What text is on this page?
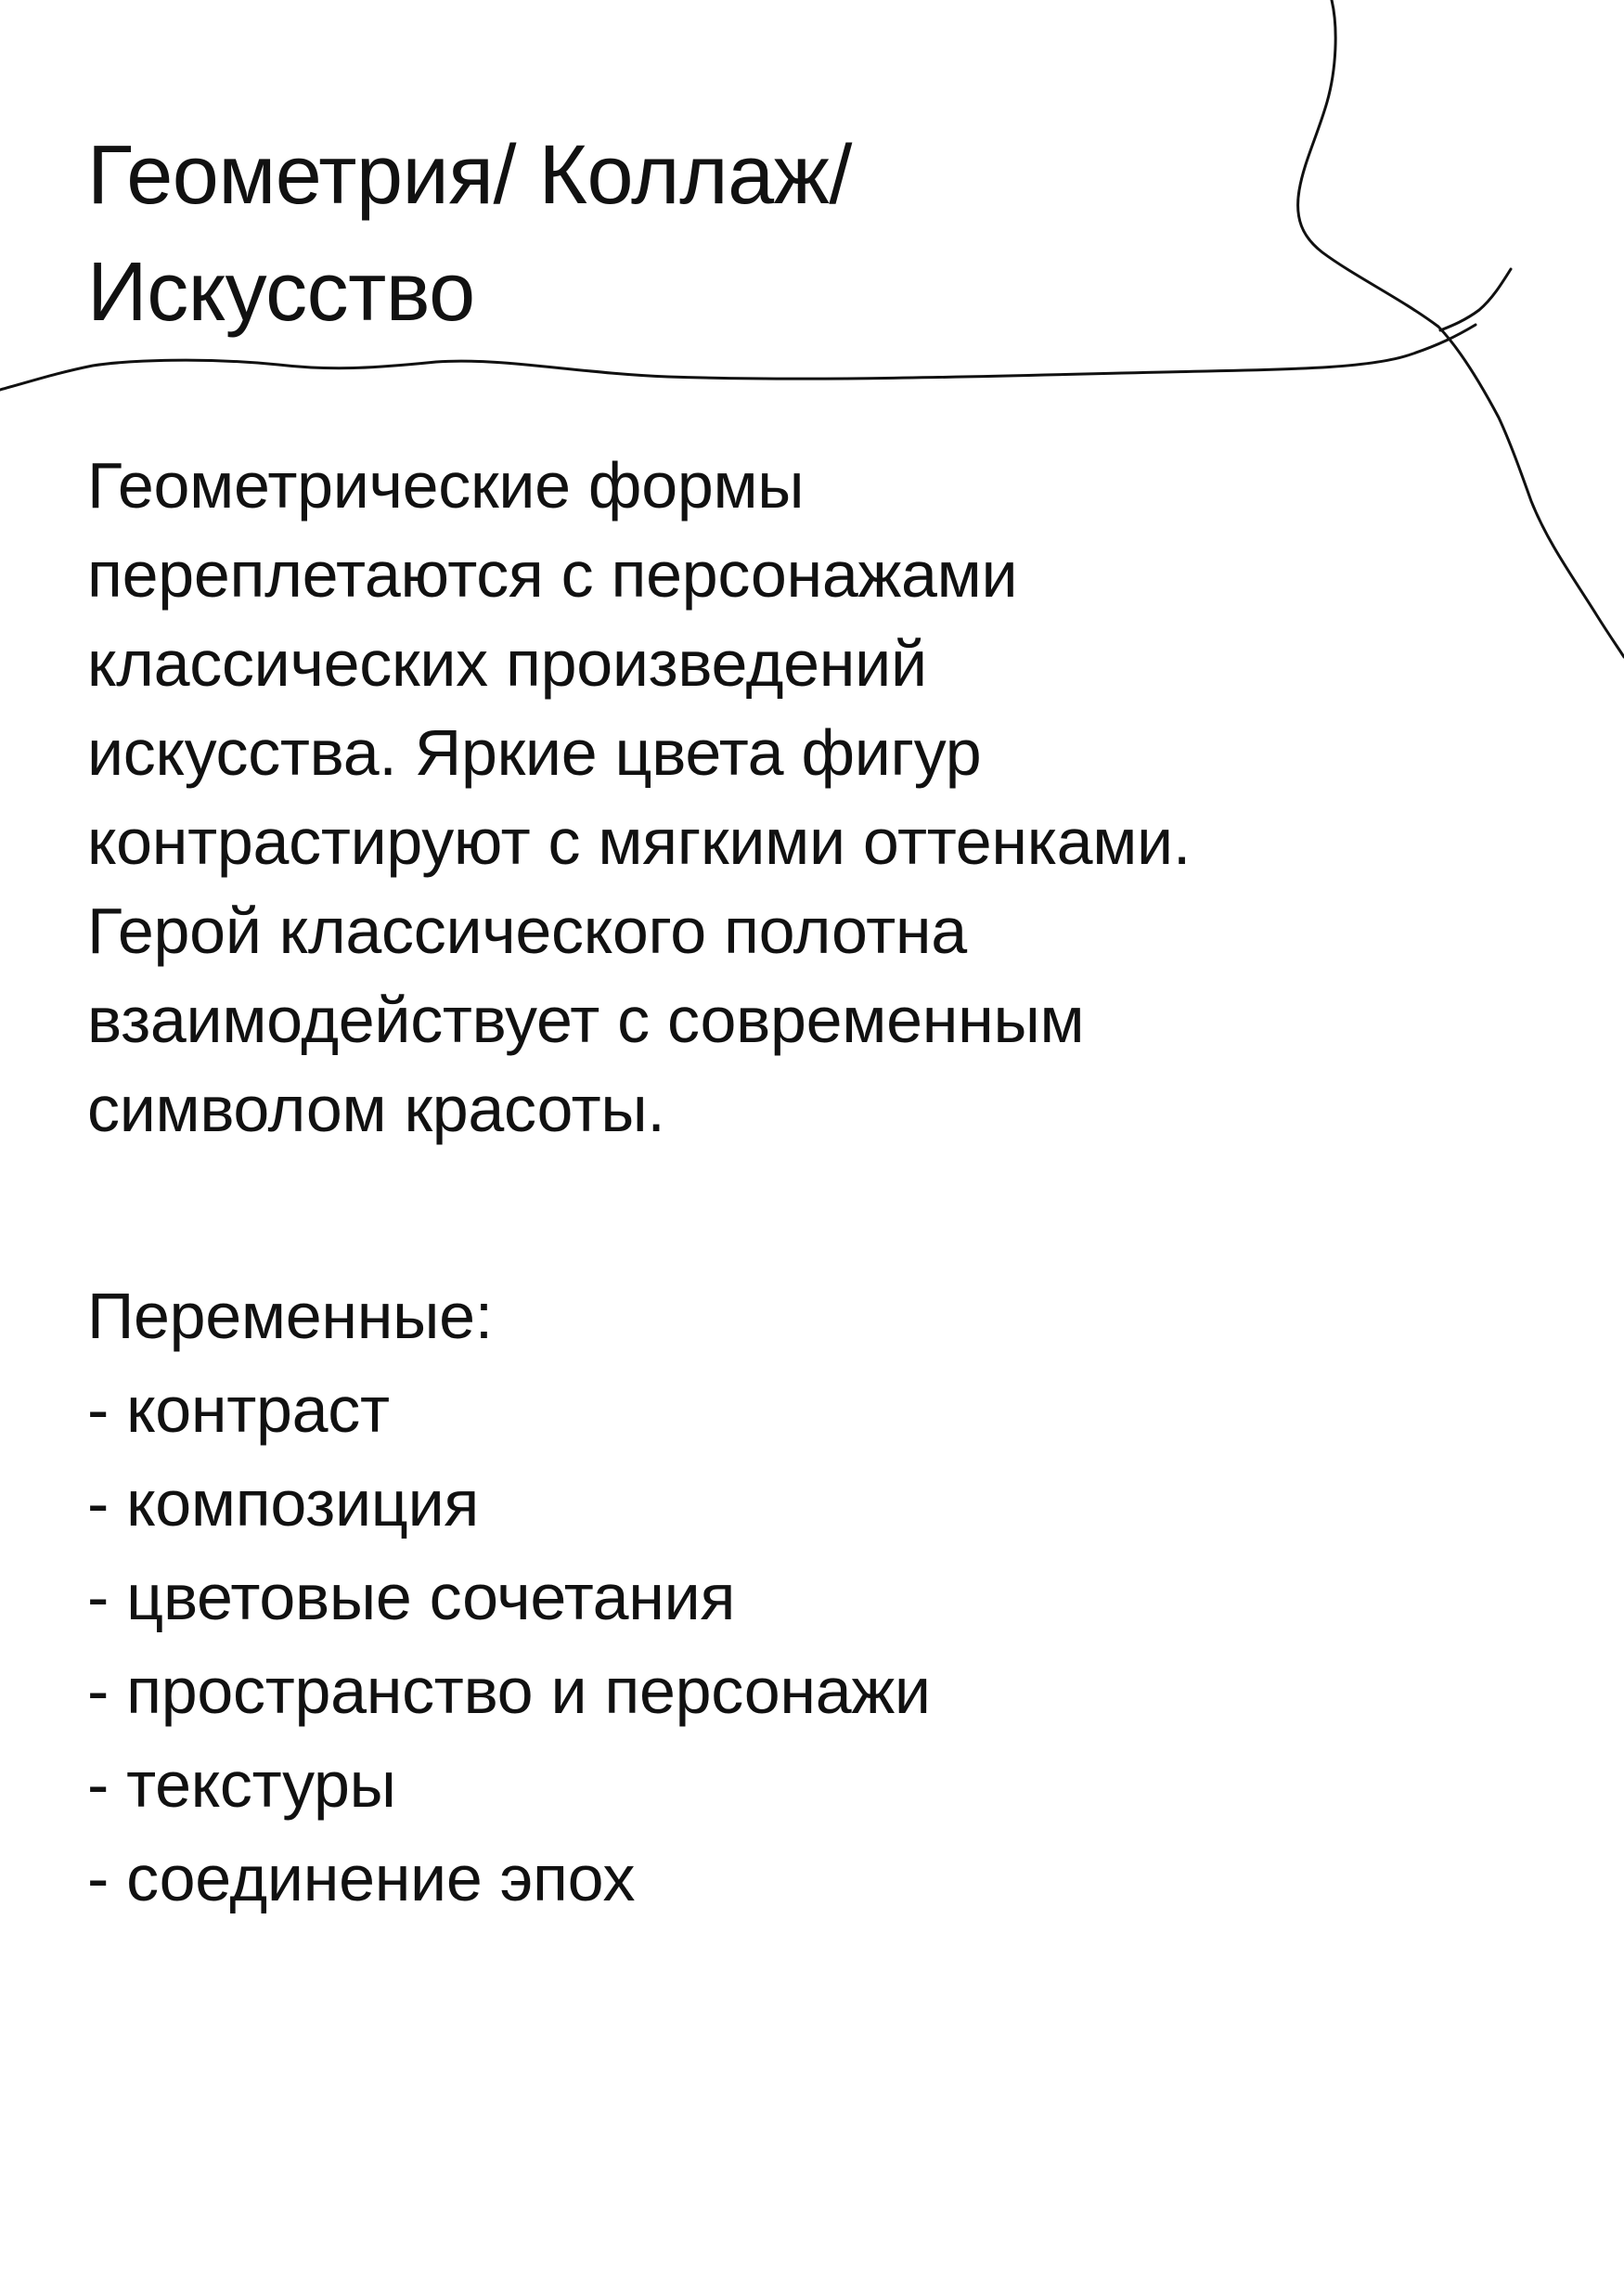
Геометрия/ Коллаж/
Искусство

Геометрические формы
переплетаются с персонажами
классических произведений
искусства. Яркие цвета фигур
контрастируют с мягкими оттенками.
Герой классического полотна
взаимодействует с современным
символом красоты.

Переменные:
- контраст
- композиция
- цветовые сочетания
- пространство и персонажи
- текстуры
- соединение эпох
